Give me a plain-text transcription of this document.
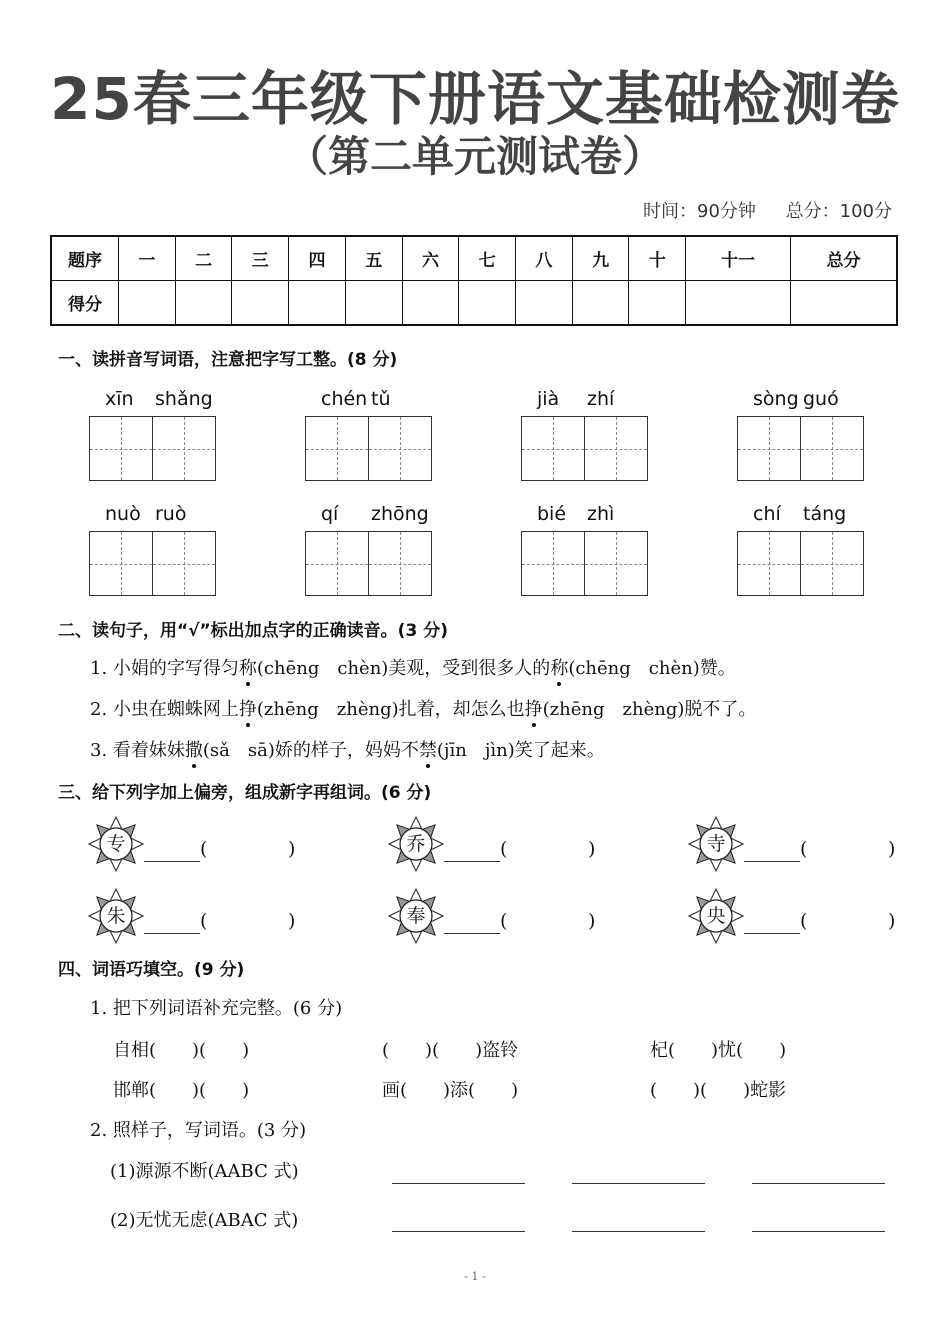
25春三年级下册语文基础检测卷
（第二单元测试卷）
时间：90分钟 总分：100分
题序	一	二	三	四	五	六	七	八	九	十	十一	总分
得分												
一、读拼音写词语，注意把字写工整。(8 分)
xīn shǎng	chén tǔ	jià zhí	sòng guó
nuò ruò	qí zhōng	bié zhì	chí táng
二、读句子，用“√”标出加点字的正确读音。(3 分)
1. 小娟的字写得匀称(chēng　chèn)美观，受到很多人的称(chēng　chèn)赞。
2. 小虫在蜘蛛网上挣(zhēng　zhèng)扎着，却怎么也挣(zhēng　zhèng)脱不了。
3. 看着妹妹撒(sǎ　sā)娇的样子，妈妈不禁(jīn　jìn)笑了起来。
三、给下列字加上偏旁，组成新字再组词。(6 分)
专	(	)	乔	(	)	寺	(	)
朱	(	)	奉	(	)	央	(	)
四、词语巧填空。(9 分)
1. 把下列词语补充完整。(6 分)
自相(　　)(　　)	(　　)(　　)盗铃	杞(　　)忧(　　)
邯郸(　　)(　　)	画(　　)添(　　)	(　　)(　　)蛇影
2. 照样子，写词语。(3 分)
(1)源源不断(AABC 式)
(2)无忧无虑(ABAC 式)
- 1 -
